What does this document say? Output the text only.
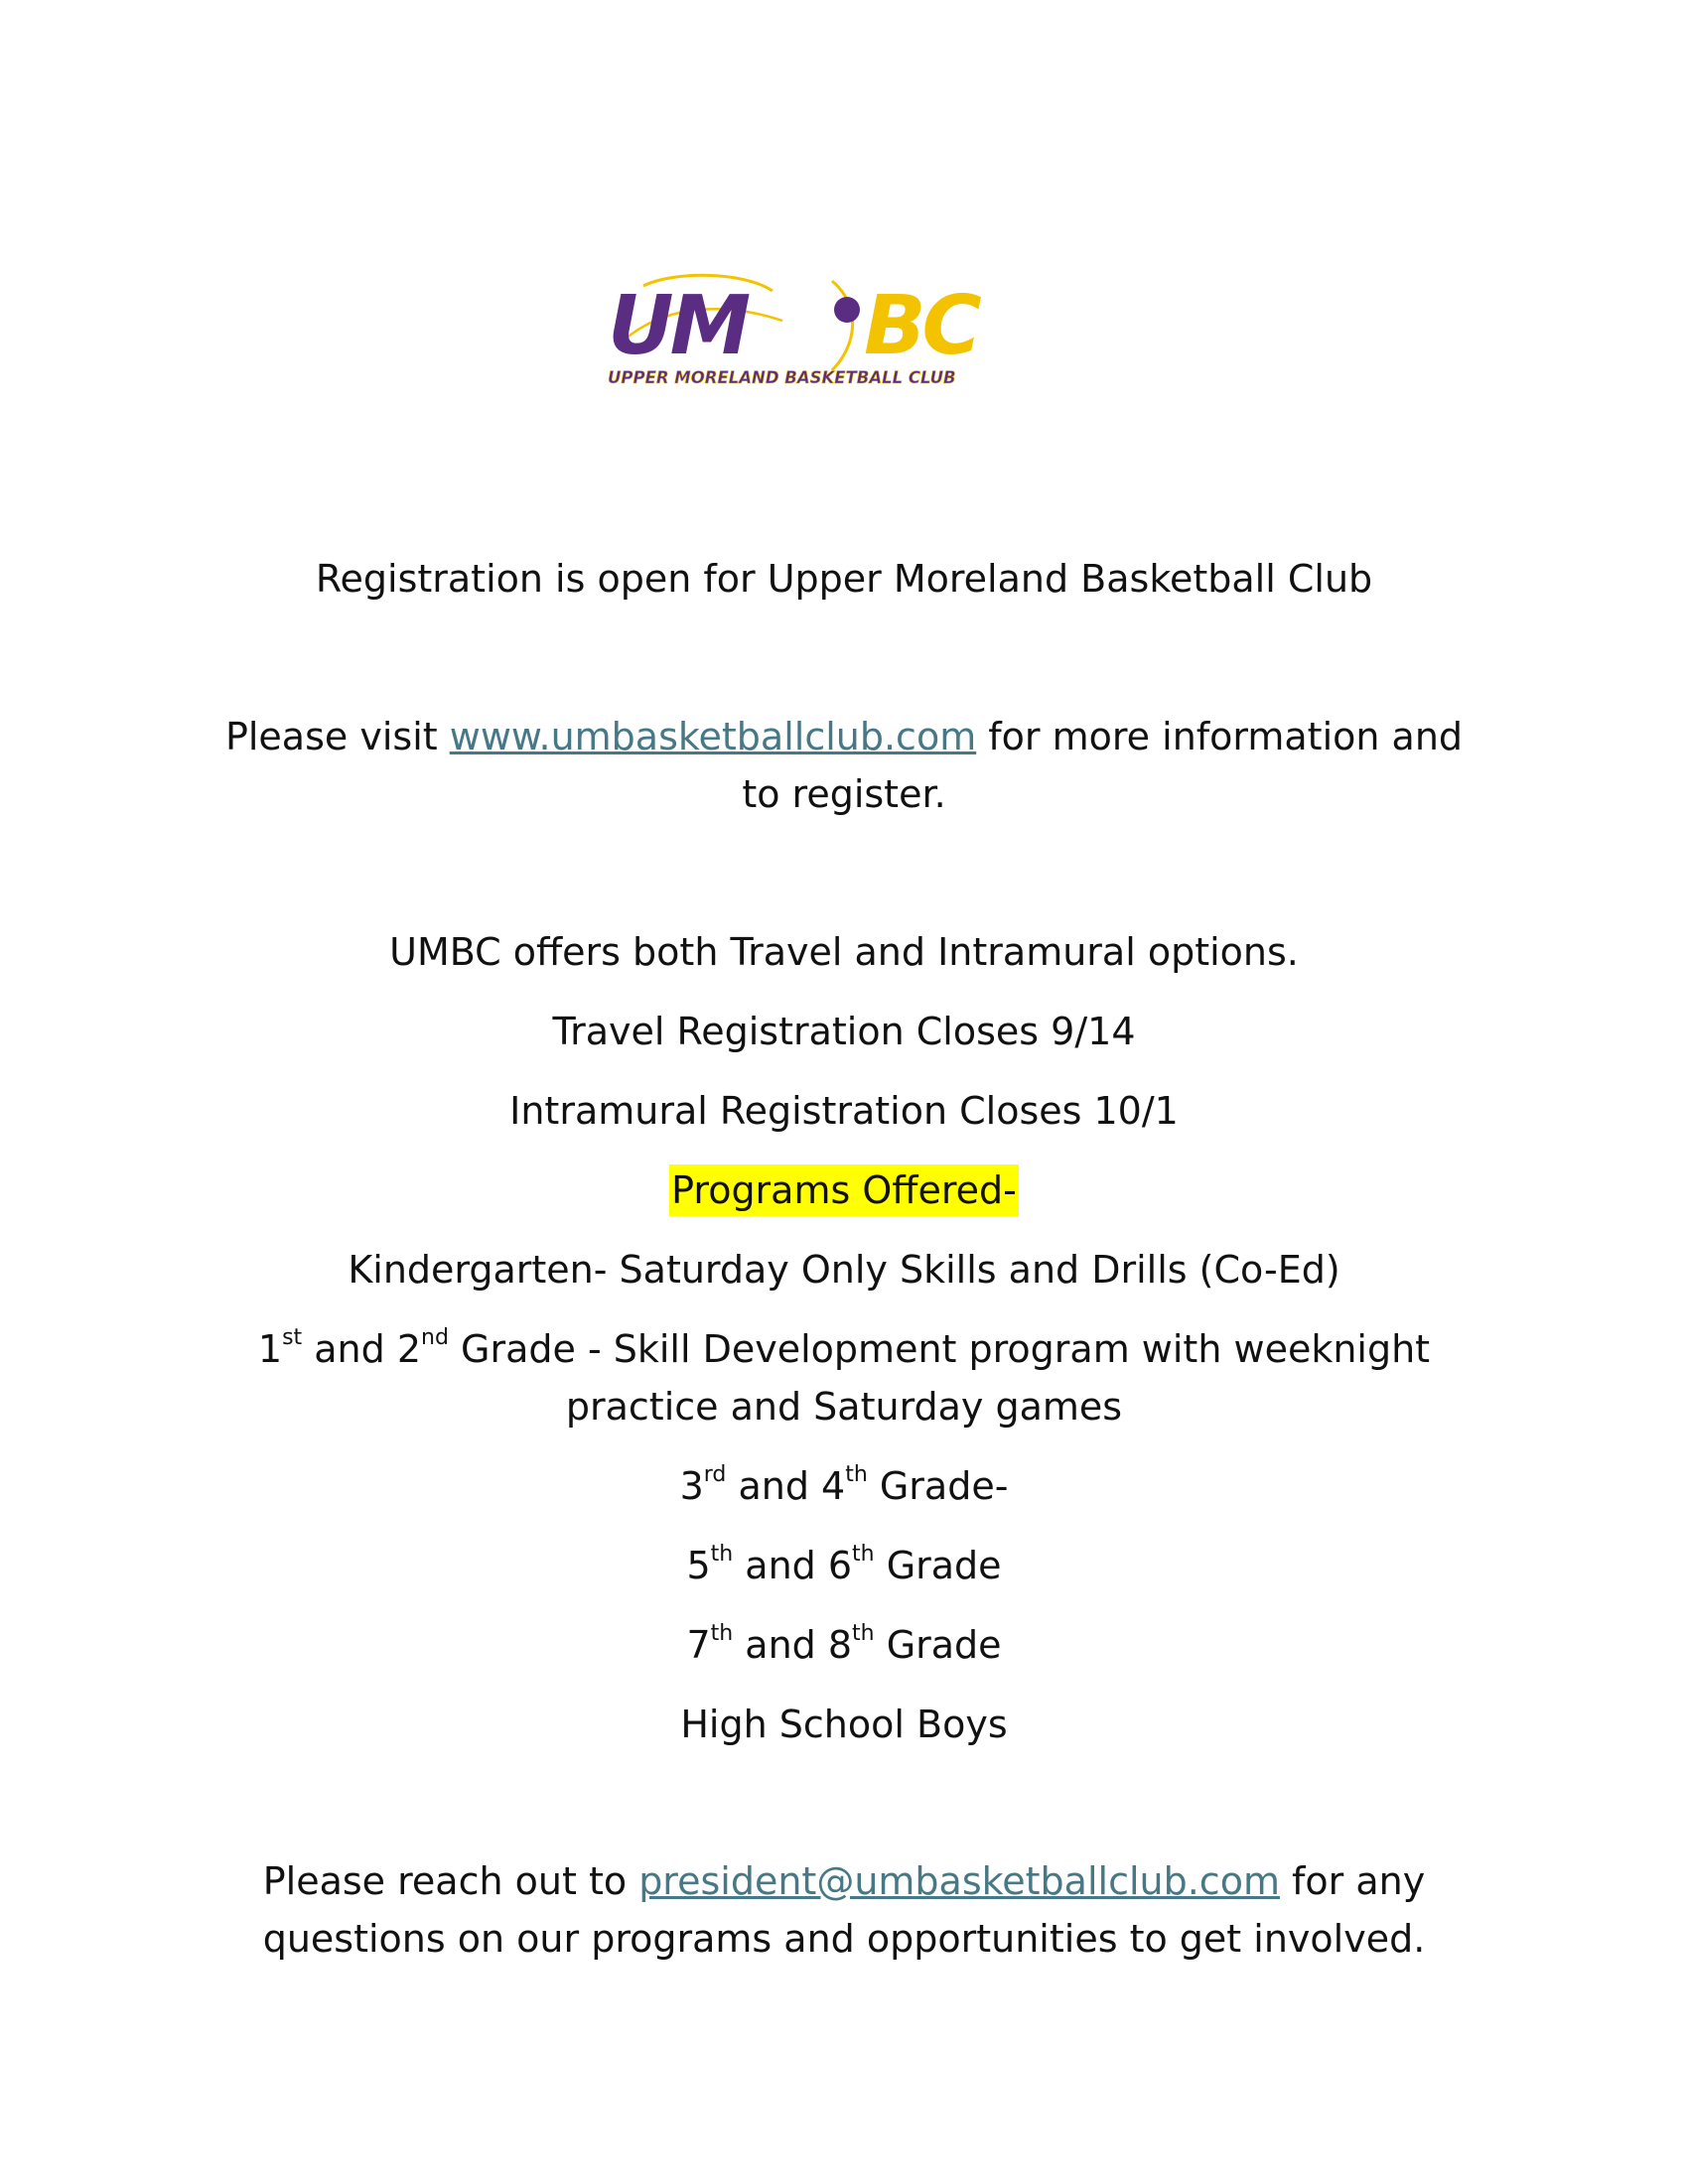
UM BC
UPPER MORELAND BASKETBALL CLUB
Registration is open for Upper Moreland Basketball Club
Please visit www.umbasketballclub.com for more information and
to register.
UMBC offers both Travel and Intramural options.
Travel Registration Closes 9/14
Intramural Registration Closes 10/1
Programs Offered-
Kindergarten- Saturday Only Skills and Drills (Co-Ed)
1st and 2nd Grade - Skill Development program with weeknight
practice and Saturday games
3rd and 4th Grade-
5th and 6th Grade
7th and 8th Grade
High School Boys
Please reach out to president@umbasketballclub.com for any
questions on our programs and opportunities to get involved.
